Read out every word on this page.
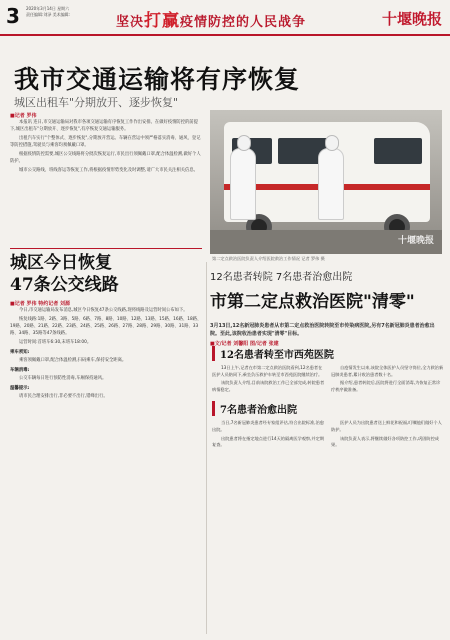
3 2020年3月14日 星期六
责任编辑:刘泽 美术编辑:
坚决打赢疫情防控的人民战争	十堰晚报
我市交通运输将有序恢复
城区出租车"分期放开、逐步恢复"
■记者 罗伟

本报讯 连日,市交通运输局对我市各项交通运输有序恢复工作作出安排。在做好疫情防控的前提下,城区出租车"分期放开、逐步恢复",有序恢复交通运输服务。

出租汽车实行"个整体式、逐步恢复",分期放开营运。车辆在营运中须严格落实消毒、通风、登记等防控措施,驾驶员与乘客均须佩戴口罩。

根据疫情防控需要,城区公交线路将分批次恢复运行,市民出行须佩戴口罩,配合体温检测,做好个人防护。

城市公交路线、班线客运等恢复工作,将根据疫情形势变化及时调整,请广大市民关注相关信息。

十堰晚报
第二定点救治医院负责人介绍医院救治工作情况 记者 罗伟 摄
城区今日恢复
47条公交线路
■记者 罗伟 特约记者 刘源

今日,市交通运输局发布消息,城区今日恢复47条公交线路,现将线路及运营时间公布如下。

恢复线路:1路、2路、3路、5路、6路、7路、8路、10路、12路、13路、15路、16路、18路、19路、20路、21路、22路、23路、24路、25路、26路、27路、28路、29路、30路、31路、33路、34路、35路等47条线路。

运营时间:首班车6:30,末班车18:00。

乘车须知:

乘客须佩戴口罩,配合体温检测,扫码乘车,保持安全距离。

车辆消毒:

公交车辆每日进行预防性消毒,车厢保持通风。

温馨提示:

请市民合理安排出行,非必要不出行,错峰出行。

12名患者转院 7名患者治愈出院
市第二定点救治医院"清零"
3月13日,12名新冠肺炎患者从市第二定点救治医院转院至市传染病医院,另有7名新冠肺炎患者治愈出院。至此,该院收治患者实现"清零"目标。
■文/记者 刘馨阳 图/记者 张建
12名患者转至市西苑医院

13日上午,记者在市第二定点救治医院看到,12名患者在医护人员陪同下,乘坐负压救护车转至市西苑医院继续治疗。

该院负责人介绍,目前该院救治工作已全部完成,转院患者病情稳定。

自疫情发生以来,该院全体医护人员坚守岗位,全力救治新冠肺炎患者,累计收治患者数十名。

据介绍,患者转院后,医院将进行全面消毒,为恢复正常诊疗秩序做准备。

7名患者治愈出院

当日,7名新冠肺炎患者经专家组评估,符合出院标准,治愈出院。

出院患者将在指定地点进行14天的隔离医学观察,并定期复查。

医护人员为出院患者送上鲜花和祝福,叮嘱他们做好个人防护。

该院负责人表示,将继续做好各项防控工作,巩固防控成果。
